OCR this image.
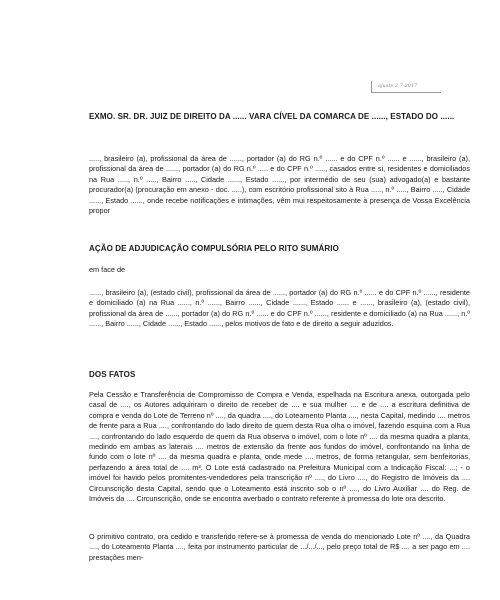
ajuste 2-7-2017
EXMO. SR. DR. JUIZ DE DIREITO DA ...... VARA CÍVEL DA COMARCA DE ......, ESTADO DO ......

....., brasileiro (a), profissional da área de ......, portador (a) do RG n.º ...... e do CPF n.º ...... e ......, brasileiro (a), profissional da área de ......, portador (a) do RG n.º ..... e do CPF n.º ....., casados entre si, residentes e domiciliados na Rua ....., n.º ....., Bairro ....., Cidade ......, Estado ......, por intermédio de seu (sua) advogado(a) e bastante procurador(a) (procuração em anexo - doc. .....), com escritório profissional sito à Rua ....., n.º ....., Bairro ....., Cidade ......, Estado ......, onde recebe notificações e intimações, vêm mui respeitosamente à presença de Vossa Excelência propor

AÇÃO DE ADJUDICAÇÃO COMPULSÓRIA PELO RITO SUMÁRIO

em face de

......, brasileiro (a), (estado civil), profissional da área de ......, portador (a) do RG n.º ...... e do CPF n.º ......, residente e domiciliado (a) na Rua ......, n.º ......, Bairro ......, Cidade ......, Estado ...... e ......, brasileiro (a), (estado civil), profissional da área de ......, portador (a) do RG n.º ...... e do CPF n.º ......, residente e domiciliado (a) na Rua ......, n.º ......, Bairro ......, Cidade ......, Estado ......, pelos motivos de fato e de direito a seguir aduzidos.

DOS FATOS

Pela Cessão e Transferência de Compromisso de Compra e Venda, espelhada na Escritura anexa, outorgada pelo casal de ...., os Autores adquiriram o direito de receber de .... e sua mulher .... e de .... a escritura definitiva de compra e venda do Lote de Terreno nº ...., da quadra ...., do Loteamento Planta ...., nesta Capital, medindo .... metros de frente para a Rua ...., confrontando do lado direito de quem desta Rua olha o imóvel, fazendo esquina com a Rua ...., confrontando do lado esquerdo de quem da Rua observa o imóvel, com o lote nº .... da mesma quadra a planta, medindo em ambas as laterais .... metros de extensão da frente aos fundos do imóvel, confrontando na linha de fundo com o lote nº .... da mesma quadra e planta, onde mede .... metros, de forma retangular, sem benfeitorias, perfazendo a área total de .... m². O Lote está cadastrado na Prefeitura Municipal com a Indicação Fiscal: ...; - o imóvel foi havido pelos promitentes-vendedores pela transcrição nº ...., do Livro ...., do Registro de Imóveis da .... Circunscrição desta Capital, sendo que o Loteamento está inscrito sob o nº ...., do Livro Auxiliar .... do Reg. de Imóveis da .... Circunscrição, onde se encontra averbado o contrato referente à promessa do lote ora descrito.

O primitivo contrato, ora cedido e transferido refere-se à promessa de venda do mencionado Lote nº ...., da Quadra ...., do Loteamento Planta ...., feita por instrumento particular de .../.../..., pelo preço total de R$ .... a ser pago em .... prestações men-
